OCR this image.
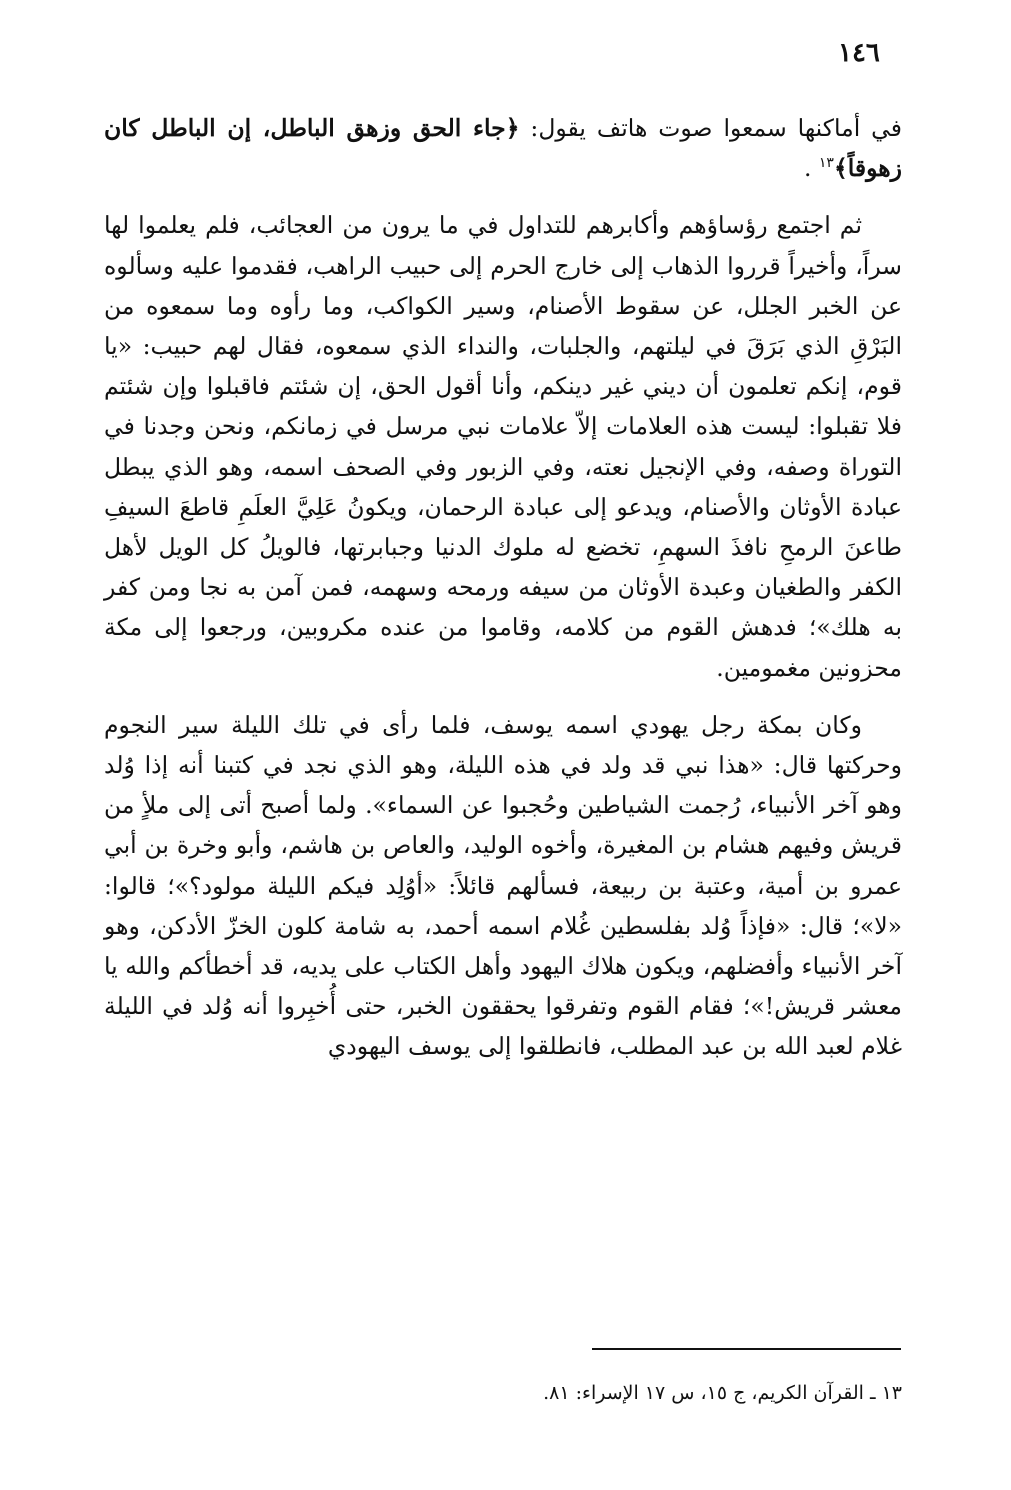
١٤٦

في أماكنها سمعوا صوت هاتف يقول: ﴿جاء الحق وزهق الباطل، إن الباطل كان زهوقاً﴾$^{١٣}$ .

ثم اجتمع رؤساؤهم وأكابرهم للتداول في ما يرون من العجائب، فلم يعلموا لها سراً، وأخيراً قرروا الذهاب إلى خارج الحرم إلى حبيب الراهب، فقدموا عليه وسألوه عن الخبر الجلل، عن سقوط الأصنام، وسير الكواكب، وما رأوه وما سمعوه من البَرْقِ الذي بَرَقَ في ليلتهم، والجلبات، والنداء الذي سمعوه، فقال لهم حبيب: «يا قوم، إنكم تعلمون أن ديني غير دينكم، وأنا أقول الحق، إن شئتم فاقبلوا وإن شئتم فلا تقبلوا: ليست هذه العلامات إلاّ علامات نبي مرسل في زمانكم، ونحن وجدنا في التوراة وصفه، وفي الإنجيل نعته، وفي الزبور وفي الصحف اسمه، وهو الذي يبطل عبادة الأوثان والأصنام، ويدعو إلى عبادة الرحمان، ويكونُ عَلِيَّ العلَمِ قاطعَ السيفِ طاعنَ الرمحِ نافذَ السهمِ، تخضع له ملوك الدنيا وجبابرتها، فالويلُ كل الويل لأهل الكفر والطغيان وعبدة الأوثان من سيفه ورمحه وسهمه، فمن آمن به نجا ومن كفر به هلك»؛ فدهش القوم من كلامه، وقاموا من عنده مكروبين، ورجعوا إلى مكة محزونين مغمومين.

وكان بمكة رجل يهودي اسمه يوسف، فلما رأى في تلك الليلة سير النجوم وحركتها قال: «هذا نبي قد ولد في هذه الليلة، وهو الذي نجد في كتبنا أنه إذا وُلد وهو آخر الأنبياء، رُجمت الشياطين وحُجبوا عن السماء». ولما أصبح أتى إلى ملأٍ من قريش وفيهم هشام بن المغيرة، وأخوه الوليد، والعاص بن هاشم، وأبو وخرة بن أبي عمرو بن أمية، وعتبة بن ربيعة، فسألهم قائلاً: «أوُلِد فيكم الليلة مولود؟»؛ قالوا: «لا»؛ قال: «فإذاً وُلد بفلسطين غُلام اسمه أحمد، به شامة كلون الخزّ الأدكن، وهو آخر الأنبياء وأفضلهم، ويكون هلاك اليهود وأهل الكتاب على يديه، قد أخطأكم والله يا معشر قريش!»؛ فقام القوم وتفرقوا يحققون الخبر، حتى أُخبِروا أنه وُلد في الليلة غلام لعبد الله بن عبد المطلب، فانطلقوا إلى يوسف اليهودي

١٣ ـ القرآن الكريم، ج ١٥، س ١٧ الإسراء: ٨١.
